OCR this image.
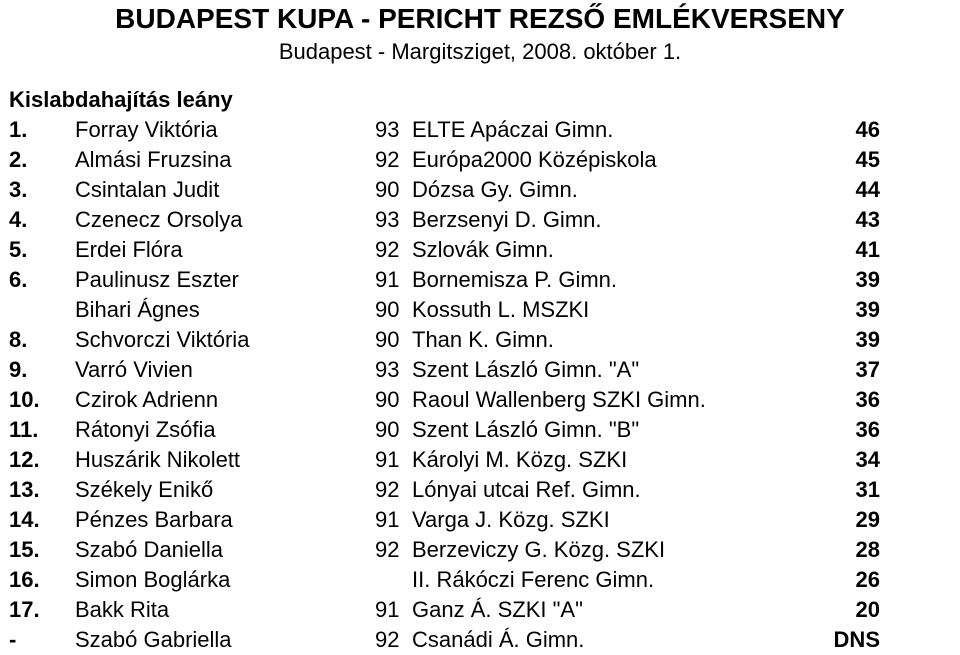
BUDAPEST KUPA - PERICHT REZSŐ EMLÉKVERSENY
Budapest - Margitsziget, 2008. október 1.
Kislabdahajítás leány
1. Forray Viktória	93 ELTE Apáczai Gimn.	46
2. Almási Fruzsina	92 Európa2000 Középiskola	45
3. Csintalan Judit	90 Dózsa Gy. Gimn.	44
4. Czenecz Orsolya	93 Berzsenyi D. Gimn.	43
5. Erdei Flóra	92 Szlovák Gimn.	41
6. Paulinusz Eszter	91 Bornemisza P. Gimn.	39
Bihari Ágnes	90 Kossuth L. MSZKI	39
8. Schvorczi Viktória	90 Than K. Gimn.	39
9. Varró Vivien	93 Szent László Gimn. "A"	37
10. Czirok Adrienn	90 Raoul Wallenberg SZKI Gimn.	36
11. Rátonyi Zsófia	90 Szent László Gimn. "B"	36
12. Huszárik Nikolett	91 Károlyi M. Közg. SZKI	34
13. Székely Enikő	92 Lónyai utcai Ref. Gimn.	31
14. Pénzes Barbara	91 Varga J. Közg. SZKI	29
15. Szabó Daniella	92 Berzeviczy G. Közg. SZKI	28
16. Simon Boglárka	II. Rákóczi Ferenc Gimn.	26
17. Bakk Rita	91 Ganz Á. SZKI "A"	20
-	Szabó Gabriella	92 Csanádi Á. Gimn.	DNS
